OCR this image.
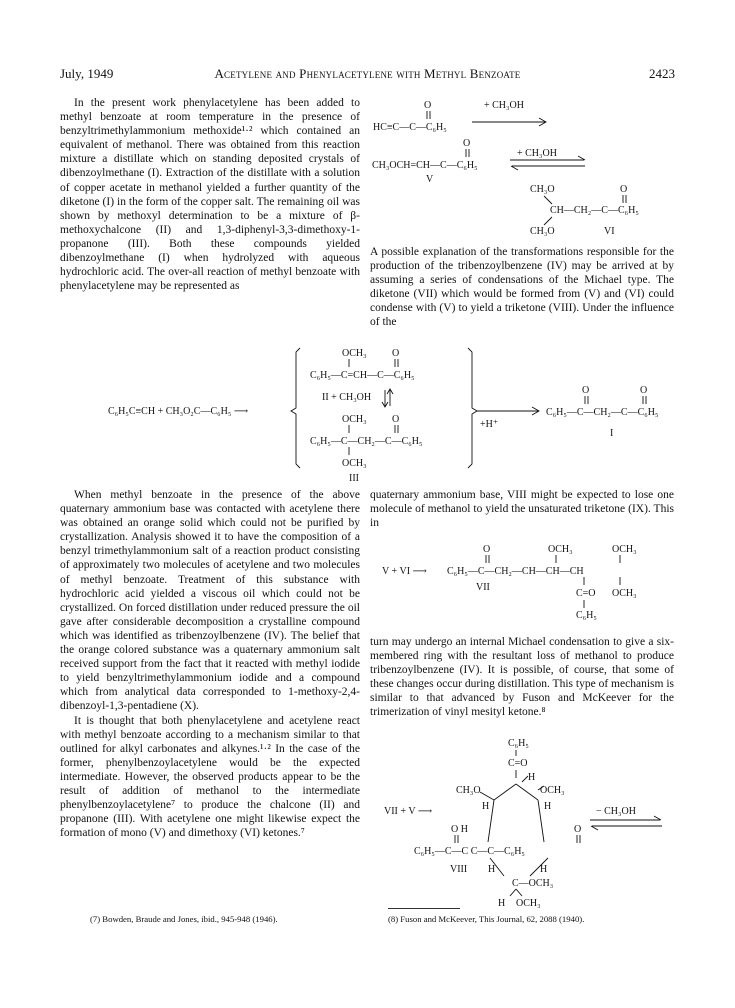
July, 1949	Acetylene and Phenylacetylene with Methyl Benzoate	2423

In the present work phenylacetylene has been added to methyl benzoate at room temperature in the presence of benzyltrimethylammonium methoxide¹·² which contained an equivalent of methanol. There was obtained from this reaction mixture a distillate which on standing deposited crystals of dibenzoylmethane (I). Extraction of the distillate with a solution of copper acetate in methanol yielded a further quantity of the diketone (I) in the form of the copper salt. The remaining oil was shown by methoxyl determination to be a mixture of β-methoxychalcone (II) and 1,3-diphenyl-3,3-dimethoxy-1-propanone (III). Both these compounds yielded dibenzoylmethane (I) when hydrolyzed with aqueous hydrochloric acid. The over-all reaction of methyl benzoate with phenylacetylene may be represented as

A possible explanation of the transformations responsible for the production of the tribenzoylbenzene (IV) may be arrived at by assuming a series of condensations of the Michael type. The diketone (VII) which would be formed from (V) and (VI) could condense with (V) to yield a triketone (VIII). Under the influence of the

When methyl benzoate in the presence of the above quaternary ammonium base was contacted with acetylene there was obtained an orange solid which could not be purified by crystallization. Analysis showed it to have the composition of a benzyl trimethylammonium salt of a reaction product consisting of approximately two molecules of acetylene and two molecules of methyl benzoate. Treatment of this substance with hydrochloric acid yielded a viscous oil which could not be crystallized. On forced distillation under reduced pressure the oil gave after considerable decomposition a crystalline compound which was identified as tribenzoylbenzene (IV). The belief that the orange colored substance was a quaternary ammonium salt received support from the fact that it reacted with methyl iodide to yield benzyltrimethylammonium iodide and a compound which from analytical data corresponded to 1-methoxy-2,4-dibenzoyl-1,3-pentadiene (X).

It is thought that both phenylacetylene and acetylene react with methyl benzoate according to a mechanism similar to that outlined for alkyl carbonates and alkynes.¹·² In the case of the former, phenylbenzoylacetylene would be the expected intermediate. However, the observed products appear to be the result of addition of methanol to the intermediate phenylbenzoylacetylene⁷ to produce the chalcone (II) and propanone (III). With acetylene one might likewise expect the formation of mono (V) and dimethoxy (VI) ketones.⁷

quaternary ammonium base, VIII might be expected to lose one molecule of methanol to yield the unsaturated triketone (IX). This in

turn may undergo an internal Michael condensation to give a six-membered ring with the resultant loss of methanol to produce tribenzoylbenzene (IV). It is possible, of course, that some of these changes occur during distillation. This type of mechanism is similar to that advanced by Fuson and McKeever for the trimerization of vinyl mesityl ketone.⁸

O
HC≡C—C—C₆H₅
+ CH₃OH
O
CH₃OCH=CH—C—C₆H₅
+ CH₃OH
V
CH₃O	O
CH—CH₂—C—C₆H₅
CH₃O	VI
C₆H₅C≡CH + CH₃O₂C—C₆H₅ ⟶
OCH₃	O
C₆H₅—C=CH—C—C₆H₅
II + CH₃OH
OCH₃	O
C₆H₅—C—CH₂—C—C₆H₅
OCH₃
III
+H⁺
O	O
C₆H₅—C—CH₂—C—C₆H₅
I
V + VI ⟶
O	OCH₃	OCH₃
C₆H₅—C—CH₂—CH—CH—CH
VII
C=O OCH₃
C₆H₅
C₆H₅
C=O
H
CH₃O	OCH₃
H	H
VII + V ⟶	− CH₃OH
O H	O
C₆H₅—C—C C—C—C₆H₅
VIII H	H
C—OCH₃
H OCH₃
(7) Bowden, Braude and Jones, ibid., 945-948 (1946).	(8) Fuson and McKeever, This Journal, 62, 2088 (1940).
